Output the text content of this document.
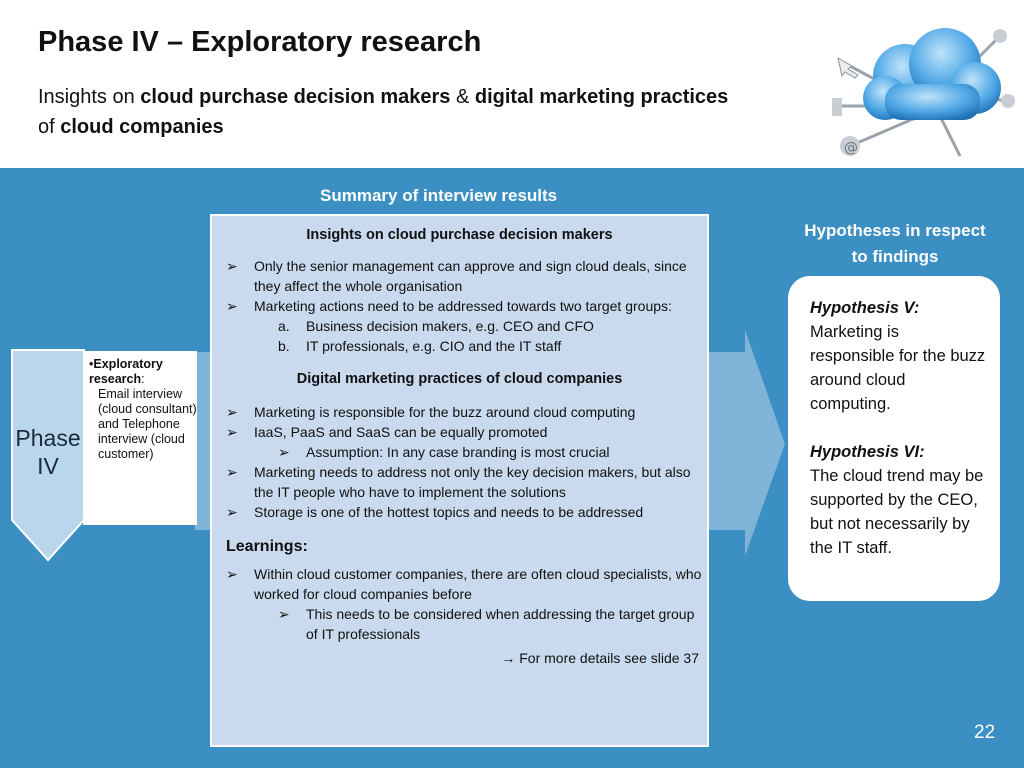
Phase IV – Exploratory research
Insights on cloud purchase decision makers & digital marketing practices
of cloud companies
@
Summary of interview results
Hypotheses in respect to findings
Phase
IV
•Exploratory research:
Email interview (cloud consultant) and Telephone interview (cloud customer)
Insights on cloud purchase decision makers
➢ Only the senior management can approve and sign cloud deals, since they affect the whole organisation
➢ Marketing actions need to be addressed towards two target groups:
a. Business decision makers, e.g. CEO and CFO
b. IT professionals, e.g. CIO and the IT staff
Digital marketing practices of cloud companies
➢ Marketing is responsible for the buzz around cloud computing
➢ IaaS, PaaS and SaaS can be equally promoted
➢ Assumption: In any case branding is most crucial
➢ Marketing needs to address not only the key decision makers, but also the IT people who have to implement the solutions
➢ Storage is one of the hottest topics and needs to be addressed
Learnings:
➢ Within cloud customer companies, there are often cloud specialists, who worked for cloud companies before
➢ This needs to be considered when addressing the target group of IT professionals
→ For more details see slide 37
Hypothesis V:
Marketing is responsible for the buzz around cloud computing.
Hypothesis VI:
The cloud trend may be supported by the CEO, but not necessarily by the IT staff.
22
